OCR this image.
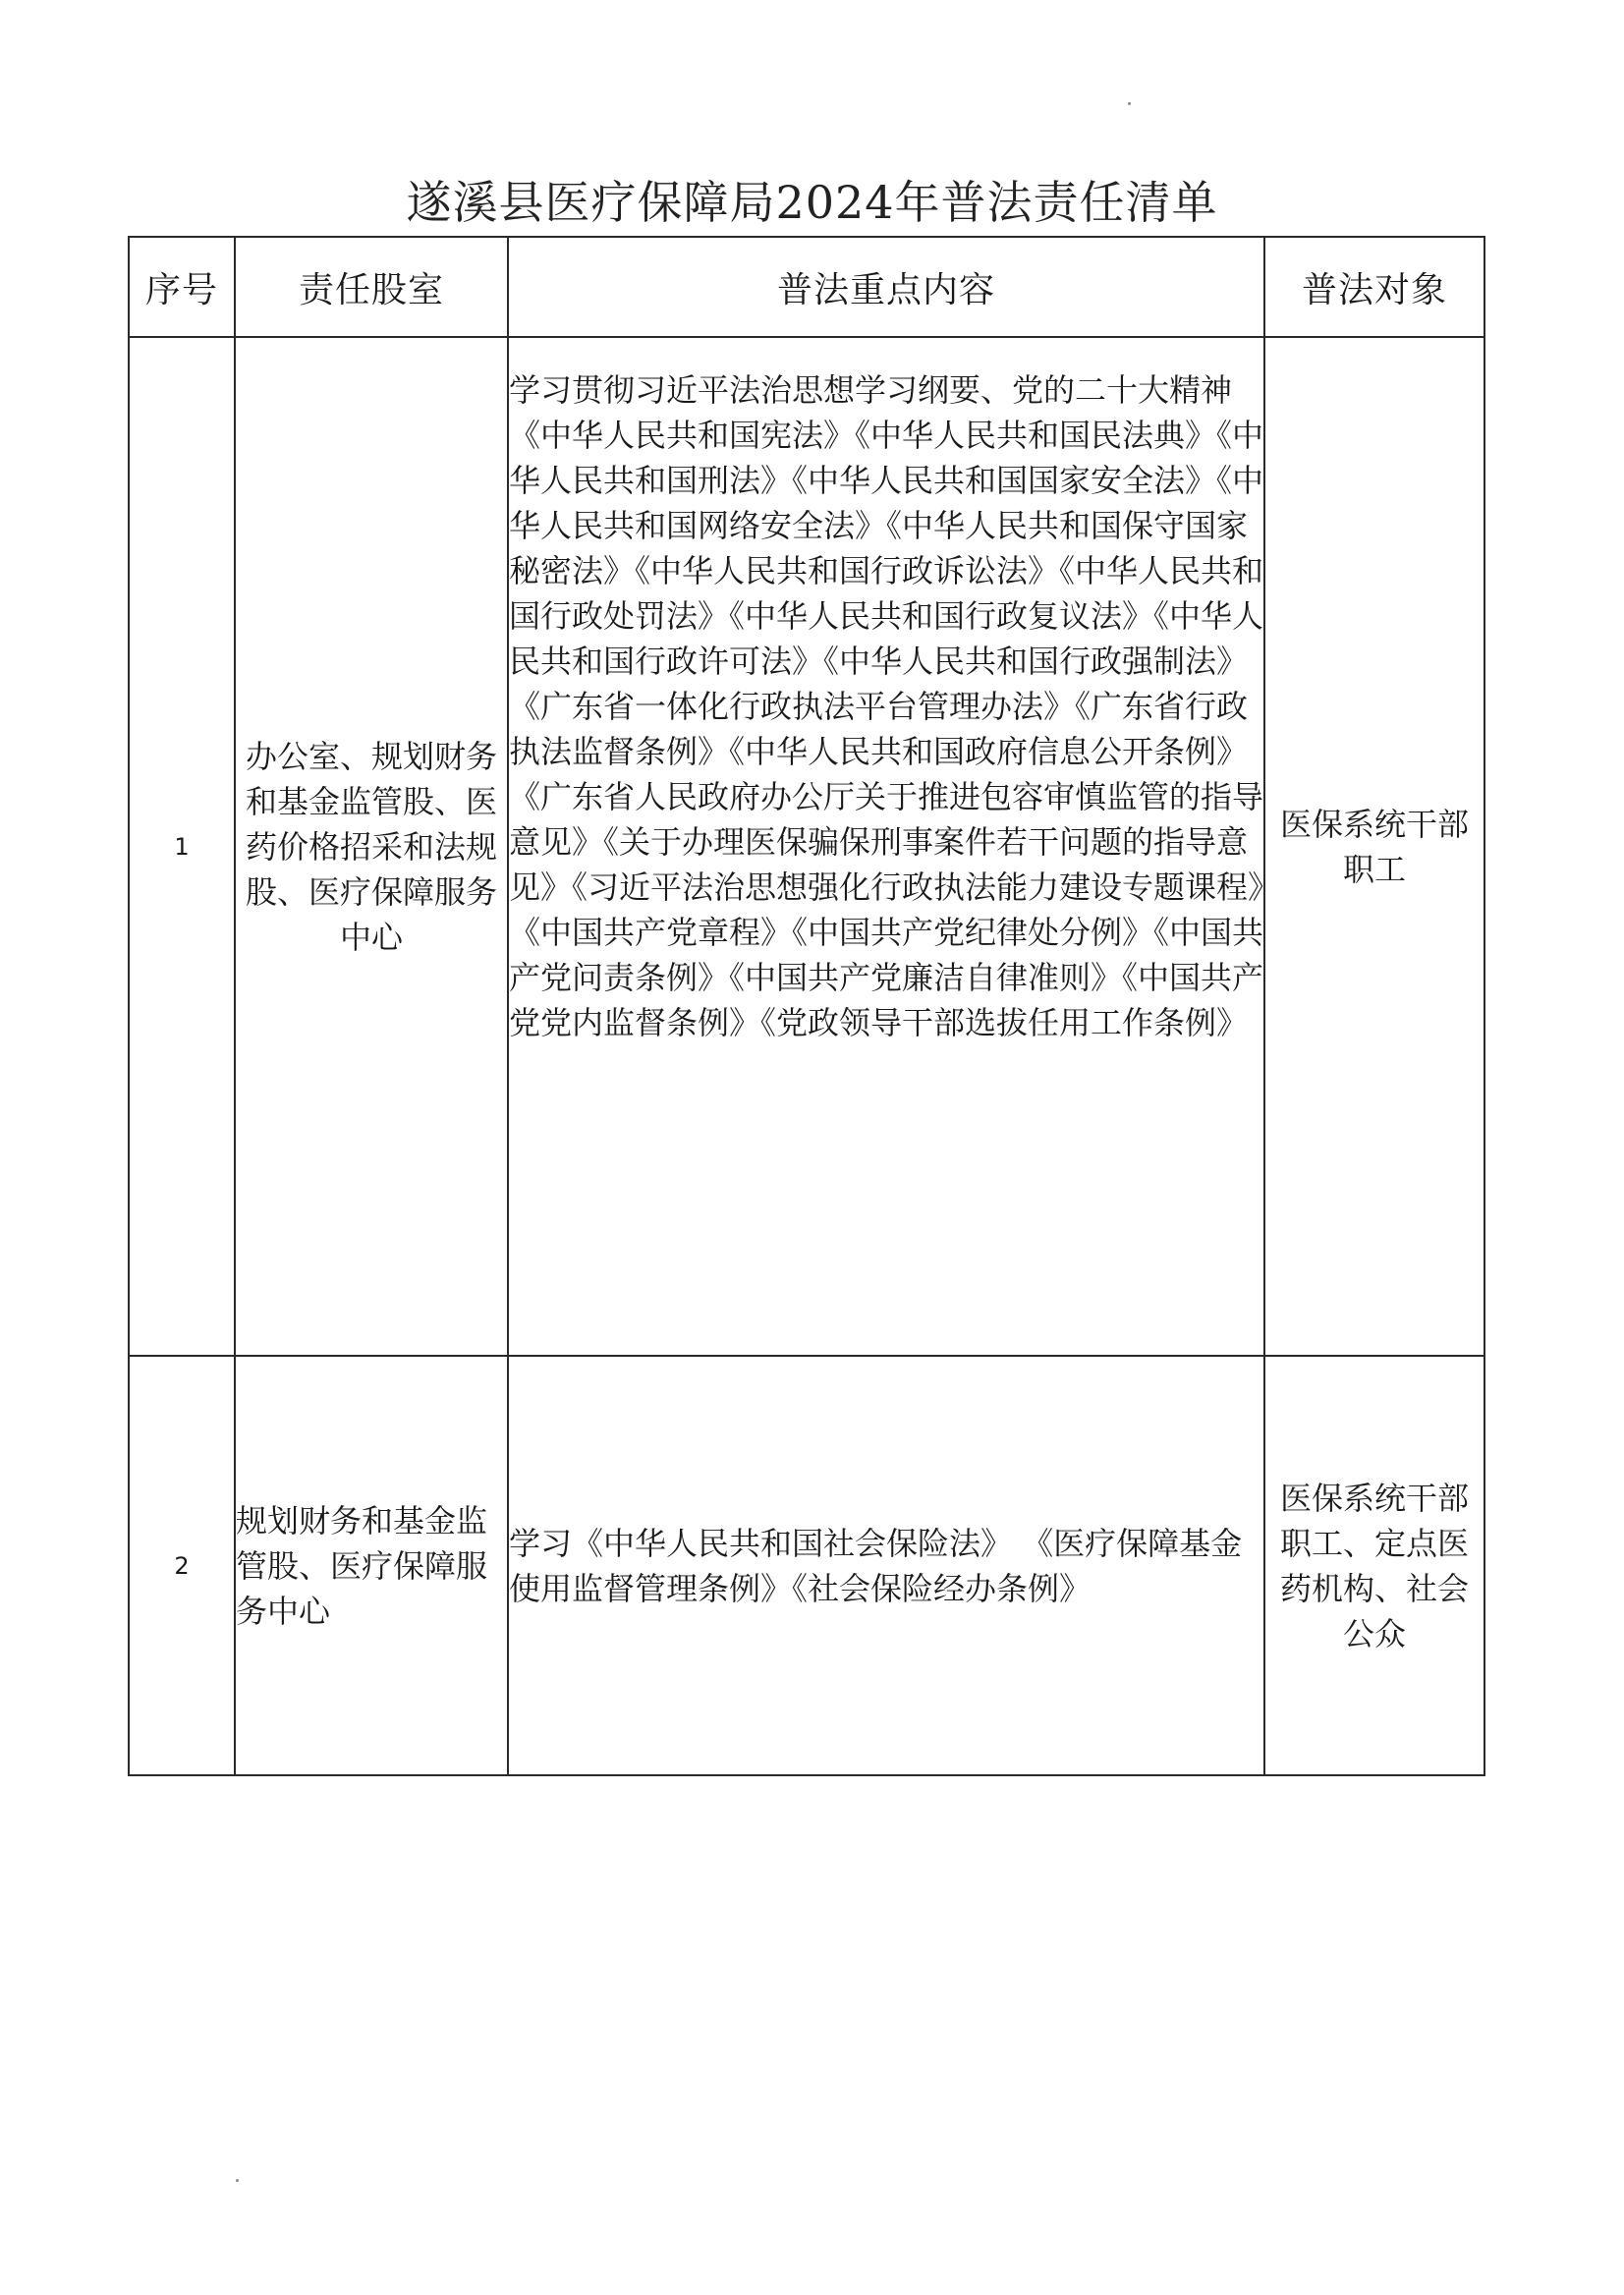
遂溪县医疗保障局2024年普法责任清单
序号	责任股室	普法重点内容	普法对象
1	办公室、规划财务和基金监管股、医药价格招采和法规股、医疗保障服务中心	学习贯彻习近平法治思想学习纲要、党的二十大精神《中华人民共和国宪法》《中华人民共和国民法典》《中华人民共和国刑法》《中华人民共和国国家安全法》《中华人民共和国网络安全法》《中华人民共和国保守国家秘密法》《中华人民共和国行政诉讼法》《中华人民共和国行政处罚法》《中华人民共和国行政复议法》《中华人民共和国行政许可法》《中华人民共和国行政强制法》《广东省一体化行政执法平台管理办法》《广东省行政执法监督条例》《中华人民共和国政府信息公开条例》《广东省人民政府办公厅关于推进包容审慎监管的指导意见》《关于办理医保骗保刑事案件若干问题的指导意见》《习近平法治思想强化行政执法能力建设专题课程》《中国共产党章程》《中国共产党纪律处分例》《中国共产党问责条例》《中国共产党廉洁自律准则》《中国共产党党内监督条例》《党政领导干部选拔任用工作条例》	医保系统干部职工
2	规划财务和基金监管股、医疗保障服务中心	学习《中华人民共和国社会保险法》 《医疗保障基金使用监督管理条例》《社会保险经办条例》	医保系统干部职工、定点医药机构、社会公众
